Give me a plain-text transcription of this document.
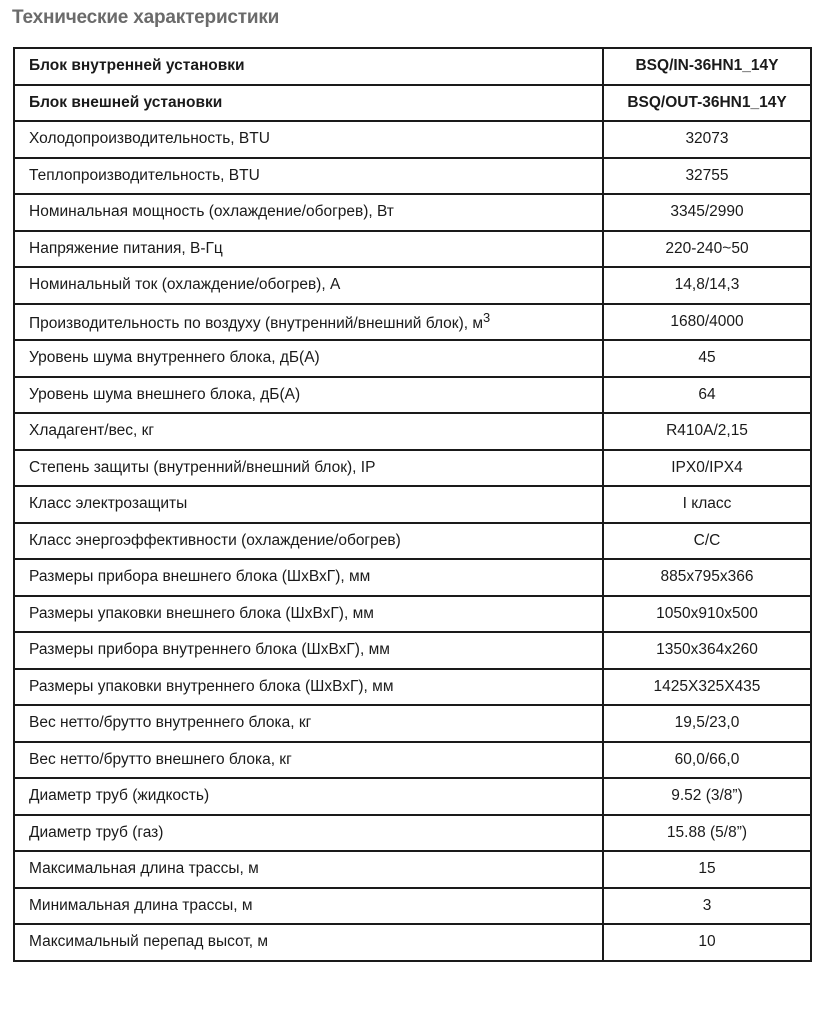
Технические характеристики
Блок внутренней установки	BSQ/IN-36HN1_14Y
Блок внешней установки	BSQ/OUT-36HN1_14Y
Холодопроизводительность, BTU	32073
Теплопроизводительность, BTU	32755
Номинальная мощность (охлаждение/обогрев), Вт	3345/2990
Напряжение питания, В-Гц	220-240~50
Номинальный ток (охлаждение/обогрев), А	14,8/14,3
Производительность по воздуху (внутренний/внешний блок), $м^3$	1680/4000
Уровень шума внутреннего блока, дБ(А)	45
Уровень шума внешнего блока, дБ(А)	64
Хладагент/вес, кг	R410A/2,15
Степень защиты (внутренний/внешний блок), IP	IPX0/IPX4
Класс электрозащиты	I класс
Класс энергоэффективности (охлаждение/обогрев)	C/C
Размеры прибора внешнего блока (ШхВхГ), мм	885x795x366
Размеры упаковки внешнего блока (ШхВхГ), мм	1050x910x500
Размеры прибора внутреннего блока (ШхВхГ), мм	1350x364x260
Размеры упаковки внутреннего блока (ШхВхГ), мм	1425X325X435
Вес нетто/брутто внутреннего блока, кг	19,5/23,0
Вес нетто/брутто внешнего блока, кг	60,0/66,0
Диаметр труб (жидкость)	9.52 (3/8”)
Диаметр труб (газ)	15.88 (5/8”)
Максимальная длина трассы, м	15
Минимальная длина трассы, м	3
Максимальный перепад высот, м	10
